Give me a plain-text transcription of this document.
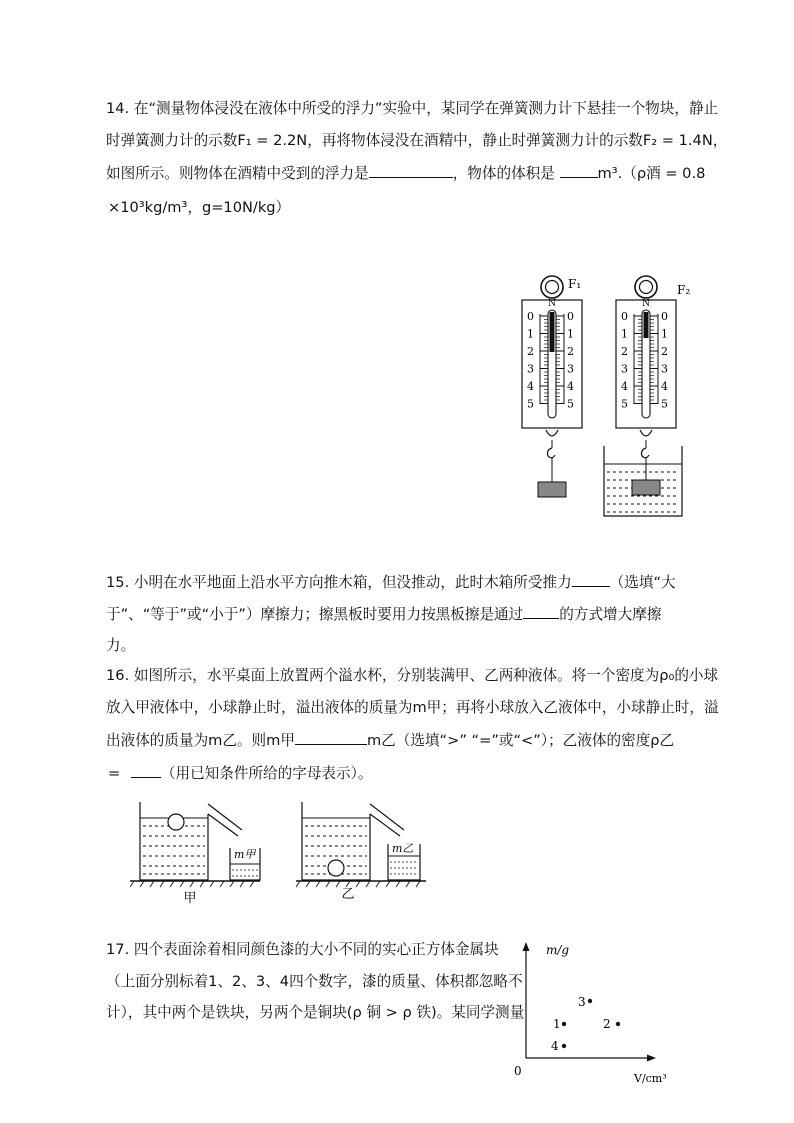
14. 在“测量物体浸没在液体中所受的浮力”实验中，某同学在弹簧测力计下悬挂一个物块，静止
时弹簧测力计的示数F₁ = 2.2N，再将物体浸没在酒精中，静止时弹簧测力计的示数F₂ = 1.4N，
如图所示。则物体在酒精中受到的浮力是	，物体的体积是	m³.（ρ酒 = 0.8
×10³kg/m³，g=10N/kg）
N
F₁
0	0
1	1
2	2
3	3
4	4
5	5
N
F₂
0	0
1	1
2	2
3	3
4	4
5	5
15. 小明在水平地面上沿水平方向推木箱，但没推动，此时木箱所受推力	（选填“大
于”、“等于”或“小于”）摩擦力；擦黑板时要用力按黑板擦是通过 的方式增大摩擦
力。
16. 如图所示，水平桌面上放置两个溢水杯，分别装满甲、乙两种液体。将一个密度为ρ₀的小球
放入甲液体中，小球静止时，溢出液体的质量为m甲；再将小球放入乙液体中，小球静止时，溢
出液体的质量为m乙。则m甲	m乙（选填“>” “=”或“<”）；乙液体的密度ρ乙
=	（用已知条件所给的字母表示）。
m甲
甲
m乙
乙
17. 四个表面涂着相同颜色漆的大小不同的实心正方体金属块
（上面分别标着1、2、3、4四个数字，漆的质量、体积都忽略不
计），其中两个是铁块，另两个是铜块(ρ 铜 > ρ 铁)。某同学测量
m/g
V/cm³
0
1	2
3
4
